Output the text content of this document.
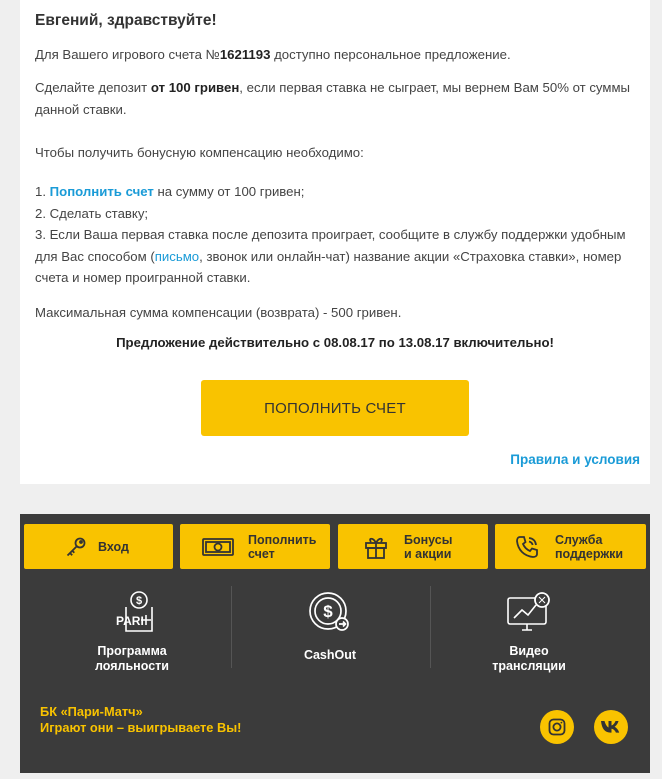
Евгений, здравствуйте!
Для Вашего игрового счета №1621193 доступно персональное предложение.
Сделайте депозит от 100 гривен, если первая ставка не сыграет, мы вернем Вам 50% от суммы данной ставки.
Чтобы получить бонусную компенсацию необходимо:
1. Пополнить счет на сумму от 100 гривен;
2. Сделать ставку;
3. Если Ваша первая ставка после депозита проиграет, сообщите в службу поддержки удобным для Вас способом (письмо, звонок или онлайн-чат) название акции «Страховка ставки», номер счета и номер проигранной ставки.
Максимальная сумма компенсации (возврата) - 500 гривен.
Предложение действительно с 08.08.17 по 13.08.17 включительно!
ПОПОЛНИТЬ СЧЕТ
Правила и условия
Вход	Пополнить
счет
Бонусы
и акции
Служба
поддержки
$
PARI
Программа
лояльности
$
CashOut	Видео
трансляции
БК «Пари-Матч»
Играют они – выигрываете Вы!
